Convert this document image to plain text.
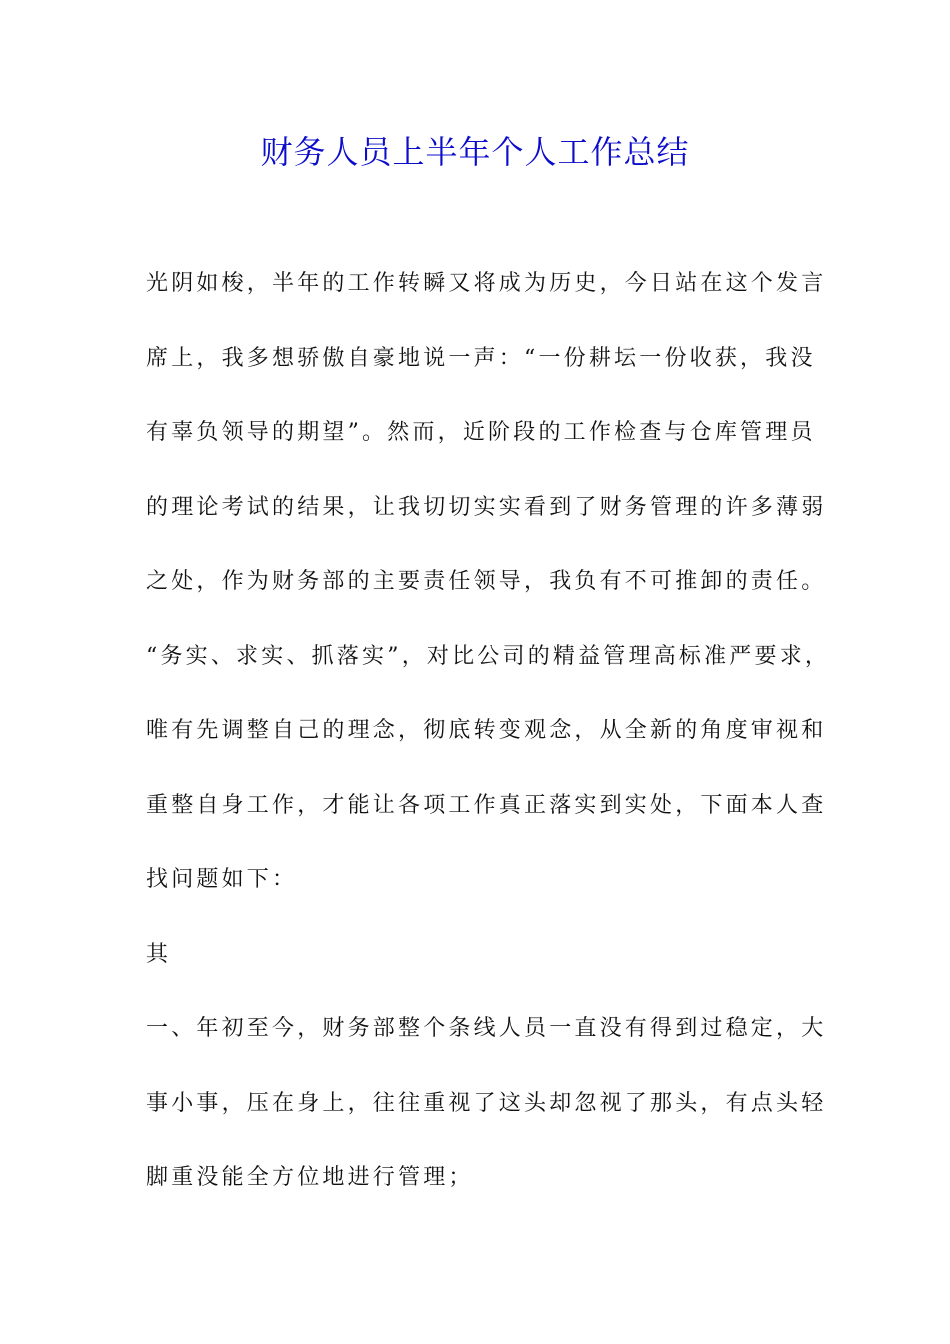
财务人员上半年个人工作总结

光阴如梭，半年的工作转瞬又将成为历史，今日站在这个发言

席上，我多想骄傲自豪地说一声：“一份耕坛一份收获，我没

有辜负领导的期望”。然而，近阶段的工作检查与仓库管理员

的理论考试的结果，让我切切实实看到了财务管理的许多薄弱

之处，作为财务部的主要责任领导，我负有不可推卸的责任。

“务实、求实、抓落实”，对比公司的精益管理高标准严要求，

唯有先调整自己的理念，彻底转变观念，从全新的角度审视和

重整自身工作，才能让各项工作真正落实到实处，下面本人查

找问题如下：

其

一、年初至今，财务部整个条线人员一直没有得到过稳定，大

事小事，压在身上，往往重视了这头却忽视了那头，有点头轻

脚重没能全方位地进行管理；
